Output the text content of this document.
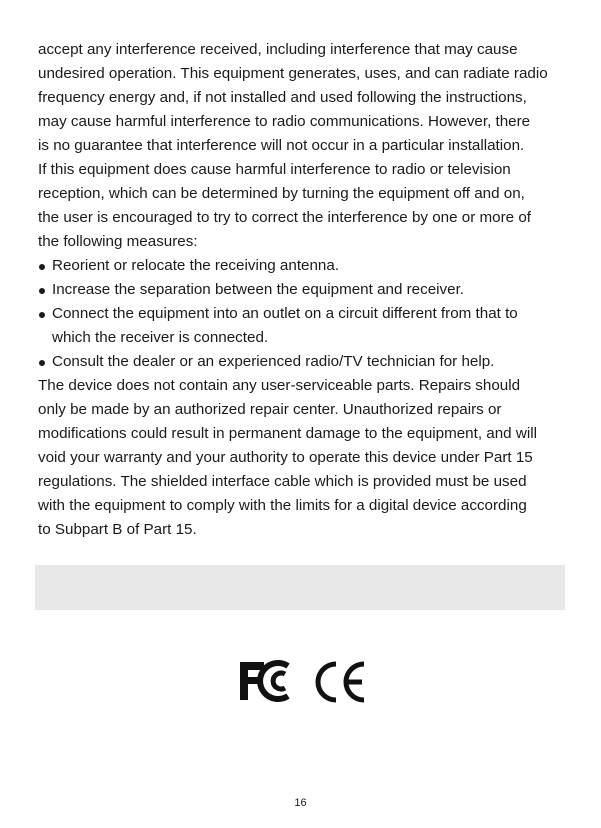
accept any interference received, including interference that may cause
undesired operation. This equipment generates, uses, and can radiate radio
frequency energy and, if not installed and used following the instructions,
may cause harmful interference to radio communications. However, there
is no guarantee that interference will not occur in a particular installation.
If this equipment does cause harmful interference to radio or television
reception, which can be determined by turning the equipment off and on,
the user is encouraged to try to correct the interference by one or more of
the following measures:
Reorient or relocate the receiving antenna.
Increase the separation between the equipment and receiver.
Connect the equipment into an outlet on a circuit different from that to
which the receiver is connected.
Consult the dealer or an experienced radio/TV technician for help.
The device does not contain any user-serviceable parts. Repairs should
only be made by an authorized repair center. Unauthorized repairs or
modifications could result in permanent damage to the equipment, and will
void your warranty and your authority to operate this device under Part 15
regulations. The shielded interface cable which is provided must be used
with the equipment to comply with the limits for a digital device according
to Subpart B of Part 15.
16
